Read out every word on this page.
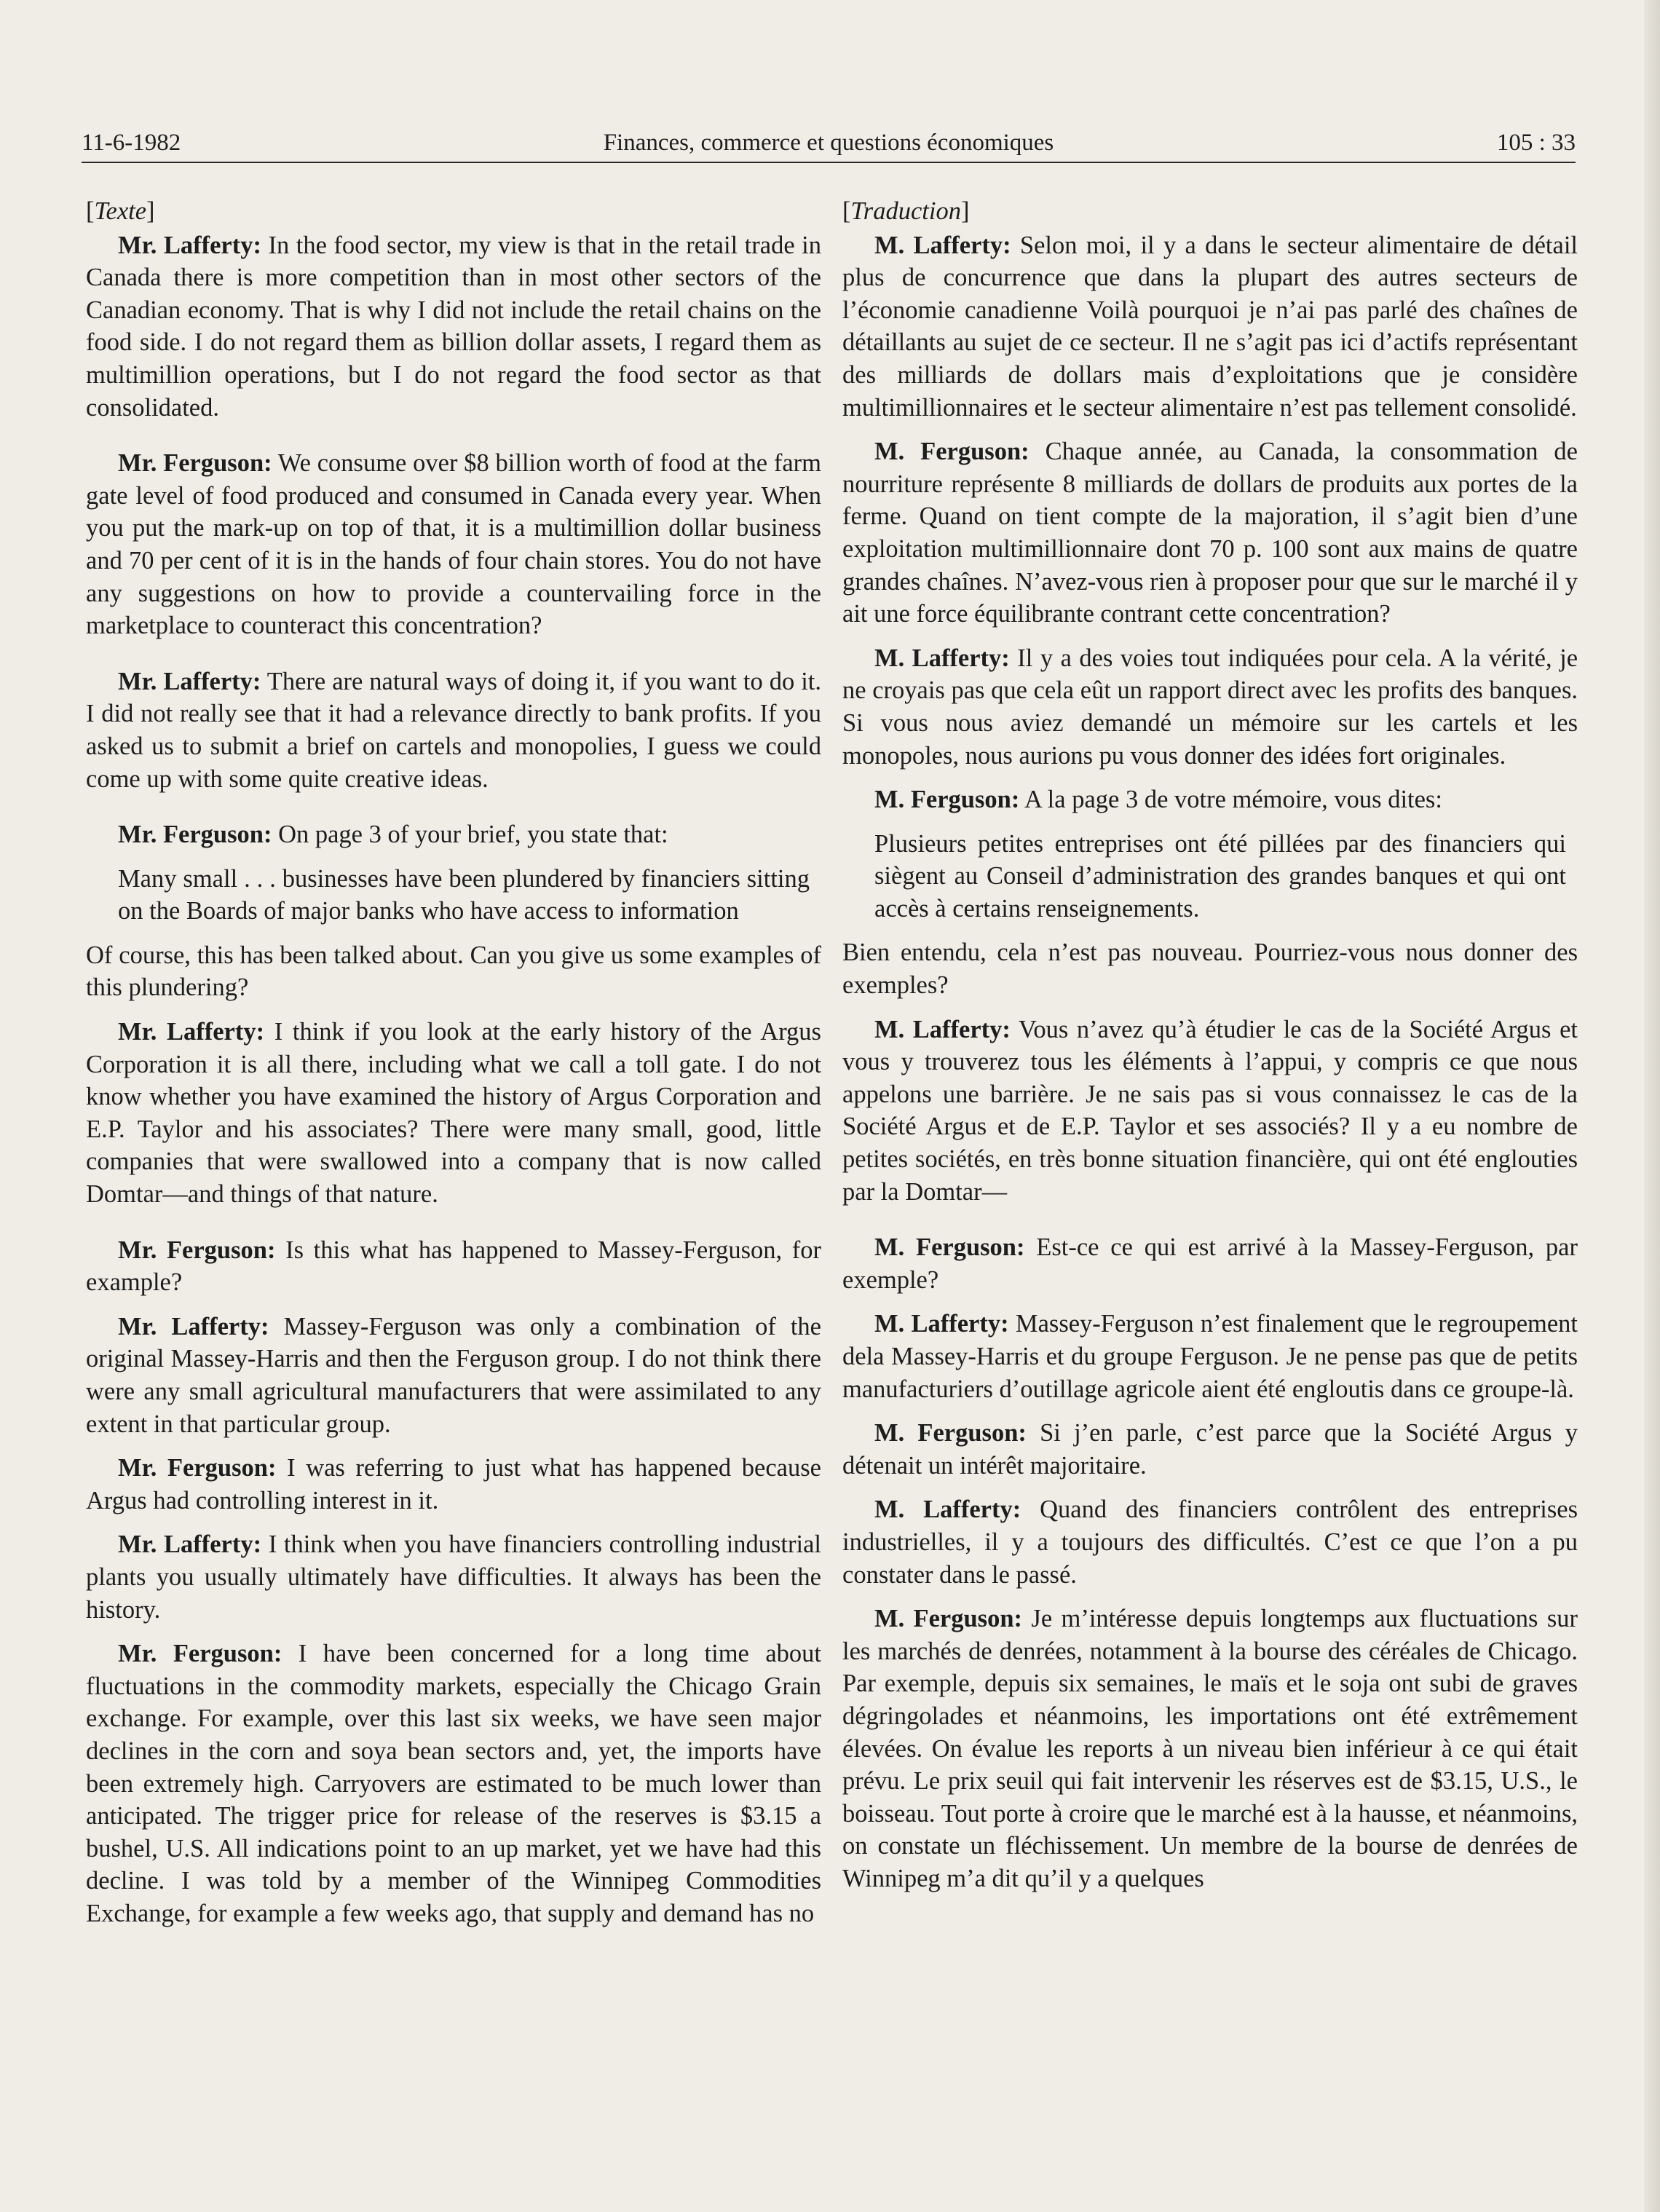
11-6-1982	Finances, commerce et questions économiques	105 : 33

[Texte]

Mr. Lafferty: In the food sector, my view is that in the retail trade in Canada there is more competition than in most other sectors of the Canadian economy. That is why I did not include the retail chains on the food side. I do not regard them as billion dollar assets, I regard them as multimillion operations, but I do not regard the food sector as that consolidated.

Mr. Ferguson: We consume over $8 billion worth of food at the farm gate level of food produced and consumed in Canada every year. When you put the mark-up on top of that, it is a multimillion dollar business and 70 per cent of it is in the hands of four chain stores. You do not have any suggestions on how to provide a countervailing force in the marketplace to counteract this concentration?

Mr. Lafferty: There are natural ways of doing it, if you want to do it. I did not really see that it had a relevance directly to bank profits. If you asked us to submit a brief on cartels and monopolies, I guess we could come up with some quite creative ideas.

Mr. Ferguson: On page 3 of your brief, you state that:

Many small . . . businesses have been plundered by financiers sitting on the Boards of major banks who have access to information

Of course, this has been talked about. Can you give us some examples of this plundering?

Mr. Lafferty: I think if you look at the early history of the Argus Corporation it is all there, including what we call a toll gate. I do not know whether you have examined the history of Argus Corporation and E.P. Taylor and his associates? There were many small, good, little companies that were swallowed into a company that is now called Domtar—and things of that nature.

Mr. Ferguson: Is this what has happened to Massey-Ferguson, for example?

Mr. Lafferty: Massey-Ferguson was only a combination of the original Massey-Harris and then the Ferguson group. I do not think there were any small agricultural manufacturers that were assimilated to any extent in that particular group.

Mr. Ferguson: I was referring to just what has happened because Argus had controlling interest in it.

Mr. Lafferty: I think when you have financiers controlling industrial plants you usually ultimately have difficulties. It always has been the history.

Mr. Ferguson: I have been concerned for a long time about fluctuations in the commodity markets, especially the Chicago Grain exchange. For example, over this last six weeks, we have seen major declines in the corn and soya bean sectors and, yet, the imports have been extremely high. Carryovers are estimated to be much lower than anticipated. The trigger price for release of the reserves is $3.15 a bushel, U.S. All indications point to an up market, yet we have had this decline. I was told by a member of the Winnipeg Commodities Exchange, for example a few weeks ago, that supply and demand has no

[Traduction]

M. Lafferty: Selon moi, il y a dans le secteur alimentaire de détail plus de concurrence que dans la plupart des autres secteurs de l’économie canadienne Voilà pourquoi je n’ai pas parlé des chaînes de détaillants au sujet de ce secteur. Il ne s’agit pas ici d’actifs représentant des milliards de dollars mais d’exploitations que je considère multimillionnaires et le secteur alimentaire n’est pas tellement consolidé.

M. Ferguson: Chaque année, au Canada, la consommation de nourriture représente 8 milliards de dollars de produits aux portes de la ferme. Quand on tient compte de la majoration, il s’agit bien d’une exploitation multimillionnaire dont 70 p. 100 sont aux mains de quatre grandes chaînes. N’avez-vous rien à proposer pour que sur le marché il y ait une force équilibrante contrant cette concentration?

M. Lafferty: Il y a des voies tout indiquées pour cela. A la vérité, je ne croyais pas que cela eût un rapport direct avec les profits des banques. Si vous nous aviez demandé un mémoire sur les cartels et les monopoles, nous aurions pu vous donner des idées fort originales.

M. Ferguson: A la page 3 de votre mémoire, vous dites:

Plusieurs petites entreprises ont été pillées par des financiers qui siègent au Conseil d’administration des grandes banques et qui ont accès à certains renseignements.

Bien entendu, cela n’est pas nouveau. Pourriez-vous nous donner des exemples?

M. Lafferty: Vous n’avez qu’à étudier le cas de la Société Argus et vous y trouverez tous les éléments à l’appui, y compris ce que nous appelons une barrière. Je ne sais pas si vous connaissez le cas de la Société Argus et de E.P. Taylor et ses associés? Il y a eu nombre de petites sociétés, en très bonne situation financière, qui ont été englouties par la Domtar—

M. Ferguson: Est-ce ce qui est arrivé à la Massey-Ferguson, par exemple?

M. Lafferty: Massey-Ferguson n’est finalement que le regroupement dela Massey-Harris et du groupe Ferguson. Je ne pense pas que de petits manufacturiers d’outillage agricole aient été engloutis dans ce groupe-là.

M. Ferguson: Si j’en parle, c’est parce que la Société Argus y détenait un intérêt majoritaire.

M. Lafferty: Quand des financiers contrôlent des entreprises industrielles, il y a toujours des difficultés. C’est ce que l’on a pu constater dans le passé.

M. Ferguson: Je m’intéresse depuis longtemps aux fluctuations sur les marchés de denrées, notamment à la bourse des céréales de Chicago. Par exemple, depuis six semaines, le maïs et le soja ont subi de graves dégringolades et néanmoins, les importations ont été extrêmement élevées. On évalue les reports à un niveau bien inférieur à ce qui était prévu. Le prix seuil qui fait intervenir les réserves est de $3.15, U.S., le boisseau. Tout porte à croire que le marché est à la hausse, et néanmoins, on constate un fléchissement. Un membre de la bourse de denrées de Winnipeg m’a dit qu’il y a quelques
